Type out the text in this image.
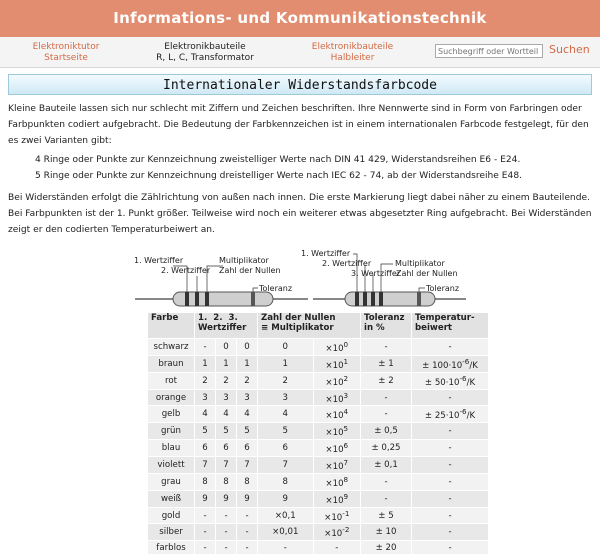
Informations- und Kommunikationstechnik
Elektroniktutor
Startseite
Elektronikbauteile
R, L, C, Transformator
Elektronikbauteile
Halbleiter
Suchbegriff oder Wortteil
Suchen
Internationaler Widerstandsfarbcode
Kleine Bauteile lassen sich nur schlecht mit Ziffern und Zeichen beschriften. Ihre Nennwerte sind in Form von Farbringen oder Farbpunkten codiert aufgebracht. Die Bedeutung der Farbkennzeichen ist in einem internationalen Farbcode festgelegt, für den es zwei Varianten gibt:
4 Ringe oder Punkte zur Kennzeichnung zweistelliger Werte nach DIN 41 429, Widerstandsreihen E6 - E24.
5 Ringe oder Punkte zur Kennzeichnung dreistelliger Werte nach IEC 62 - 74, ab der Widerstandsreihe E48.
Bei Widerständen erfolgt die Zählrichtung von außen nach innen. Die erste Markierung liegt dabei näher zu einem Bauteilende. Bei Farbpunkten ist der 1. Punkt größer. Teilweise wird noch ein weiterer etwas abgesetzter Ring aufgebracht. Bei Widerständen zeigt er den codierten Temperaturbeiwert an.
1. Wertziffer
2. Wertziffer
Multiplikator
Zahl der Nullen
Toleranz
1. Wertziffer
2. Wertziffer	Multiplikator
3. Wertziffer
Zahl der Nullen
Toleranz
Farbe	1. 2. 3.
Wertziffer			Zahl der Nullen
≡ Multiplikator		Toleranz
in %	Temperatur-
beiwert
schwarz	-	0	0	0	$\times 10^0$	-	-
braun	1	1	1	1	$\times 10^1$	± 1	± $100\cdot 10^{-6}/K$
rot	2	2	2	2	$\times 10^2$	± 2	± $50\cdot 10^{-6}/K$
orange	3	3	3	3	$\times 10^3$	-	-
gelb	4	4	4	4	$\times 10^4$	-	± $25\cdot 10^{-6}/K$
grün	5	5	5	5	$\times 10^5$	± 0,5	-
blau	6	6	6	6	$\times 10^6$	± 0,25	-
violett	7	7	7	7	$\times 10^7$	± 0,1	-
grau	8	8	8	8	$\times 10^8$	-	-
weiß	9	9	9	9	$\times 10^9$	-	-
gold	-	-	-	×0,1	$\times 10^{-1}$	± 5	-
silber	-	-	-	×0,01	$\times 10^{-2}$	± 10	-
farblos	-	-	-	-	-	± 20	-
